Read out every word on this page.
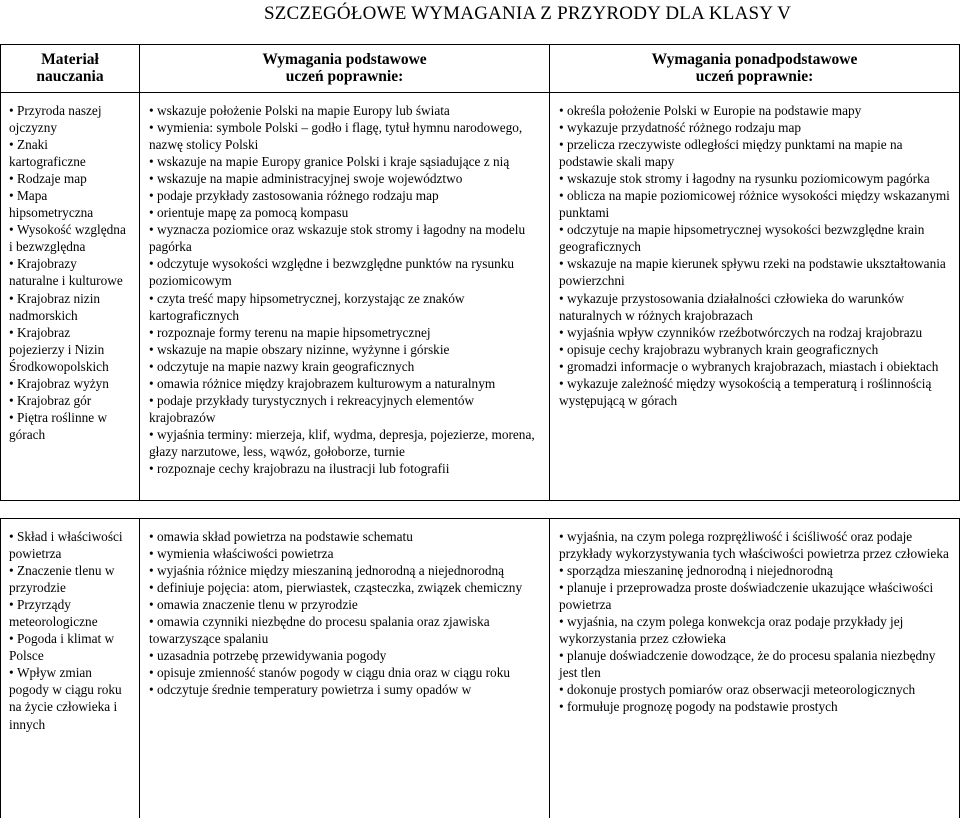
SZCZEGÓŁOWE WYMAGANIA Z PRZYRODY DLA KLASY V
Materiał
nauczania
Wymagania podstawowe
uczeń poprawnie:
Wymagania ponadpodstawowe
uczeń poprawnie:
• Przyroda naszej ojczyzny
• Znaki kartograficzne
• Rodzaje map
• Mapa hipsometryczna
• Wysokość względna i bezwzględna
• Krajobrazy naturalne i kulturowe
• Krajobraz nizin nadmorskich
• Krajobraz pojezierzy i Nizin Środkowopolskich
• Krajobraz wyżyn
• Krajobraz gór
• Piętra roślinne w górach
• wskazuje położenie Polski na mapie Europy lub świata
• wymienia: symbole Polski – godło i flagę, tytuł hymnu narodowego, nazwę stolicy Polski
• wskazuje na mapie Europy granice Polski i kraje sąsiadujące z nią
• wskazuje na mapie administracyjnej swoje województwo
• podaje przykłady zastosowania różnego rodzaju map
• orientuje mapę za pomocą kompasu
• wyznacza poziomice oraz wskazuje stok stromy i łagodny na modelu pagórka
• odczytuje wysokości względne i bezwzględne punktów na rysunku poziomicowym
• czyta treść mapy hipsometrycznej, korzystając ze znaków kartograficznych
• rozpoznaje formy terenu na mapie hipsometrycznej
• wskazuje na mapie obszary nizinne, wyżynne i górskie
• odczytuje na mapie nazwy krain geograficznych
• omawia różnice między krajobrazem kulturowym a naturalnym
• podaje przykłady turystycznych i rekreacyjnych elementów krajobrazów
• wyjaśnia terminy: mierzeja, klif, wydma, depresja, pojezierze, morena, głazy narzutowe, less, wąwóz, gołoborze, turnie
• rozpoznaje cechy krajobrazu na ilustracji lub fotografii
• określa położenie Polski w Europie na podstawie mapy
• wykazuje przydatność różnego rodzaju map
• przelicza rzeczywiste odległości między punktami na mapie na podstawie skali mapy
• wskazuje stok stromy i łagodny na rysunku poziomicowym pagórka
• oblicza na mapie poziomicowej różnice wysokości między wskazanymi punktami
• odczytuje na mapie hipsometrycznej wysokości bezwzględne krain geograficznych
• wskazuje na mapie kierunek spływu rzeki na podstawie ukształtowania powierzchni
• wykazuje przystosowania działalności człowieka do warunków naturalnych w różnych krajobrazach
• wyjaśnia wpływ czynników rzeźbotwórczych na rodzaj krajobrazu
• opisuje cechy krajobrazu wybranych krain geograficznych
• gromadzi informacje o wybranych krajobrazach, miastach i obiektach
• wykazuje zależność między wysokością a temperaturą i roślinnością występującą w górach
• Skład i właściwości powietrza
• Znaczenie tlenu w przyrodzie
• Przyrządy meteorologiczne
• Pogoda i klimat w Polsce
• Wpływ zmian pogody w ciągu roku na życie człowieka i innych
• omawia skład powietrza na podstawie schematu
• wymienia właściwości powietrza
• wyjaśnia różnice między mieszaniną jednorodną a niejednorodną
• definiuje pojęcia: atom, pierwiastek, cząsteczka, związek chemiczny
• omawia znaczenie tlenu w przyrodzie
• omawia czynniki niezbędne do procesu spalania oraz zjawiska towarzyszące spalaniu
• uzasadnia potrzebę przewidywania pogody
• opisuje zmienność stanów pogody w ciągu dnia oraz w ciągu roku
• odczytuje średnie temperatury powietrza i sumy opadów w
• wyjaśnia, na czym polega rozprężliwość i ściśliwość oraz podaje przykłady wykorzystywania tych właściwości powietrza przez człowieka
• sporządza mieszaninę jednorodną i niejednorodną
• planuje i przeprowadza proste doświadczenie ukazujące właściwości powietrza
• wyjaśnia, na czym polega konwekcja oraz podaje przykłady jej wykorzystania przez człowieka
• planuje doświadczenie dowodzące, że do procesu spalania niezbędny jest tlen
• dokonuje prostych pomiarów oraz obserwacji meteorologicznych
• formułuje prognozę pogody na podstawie prostych
